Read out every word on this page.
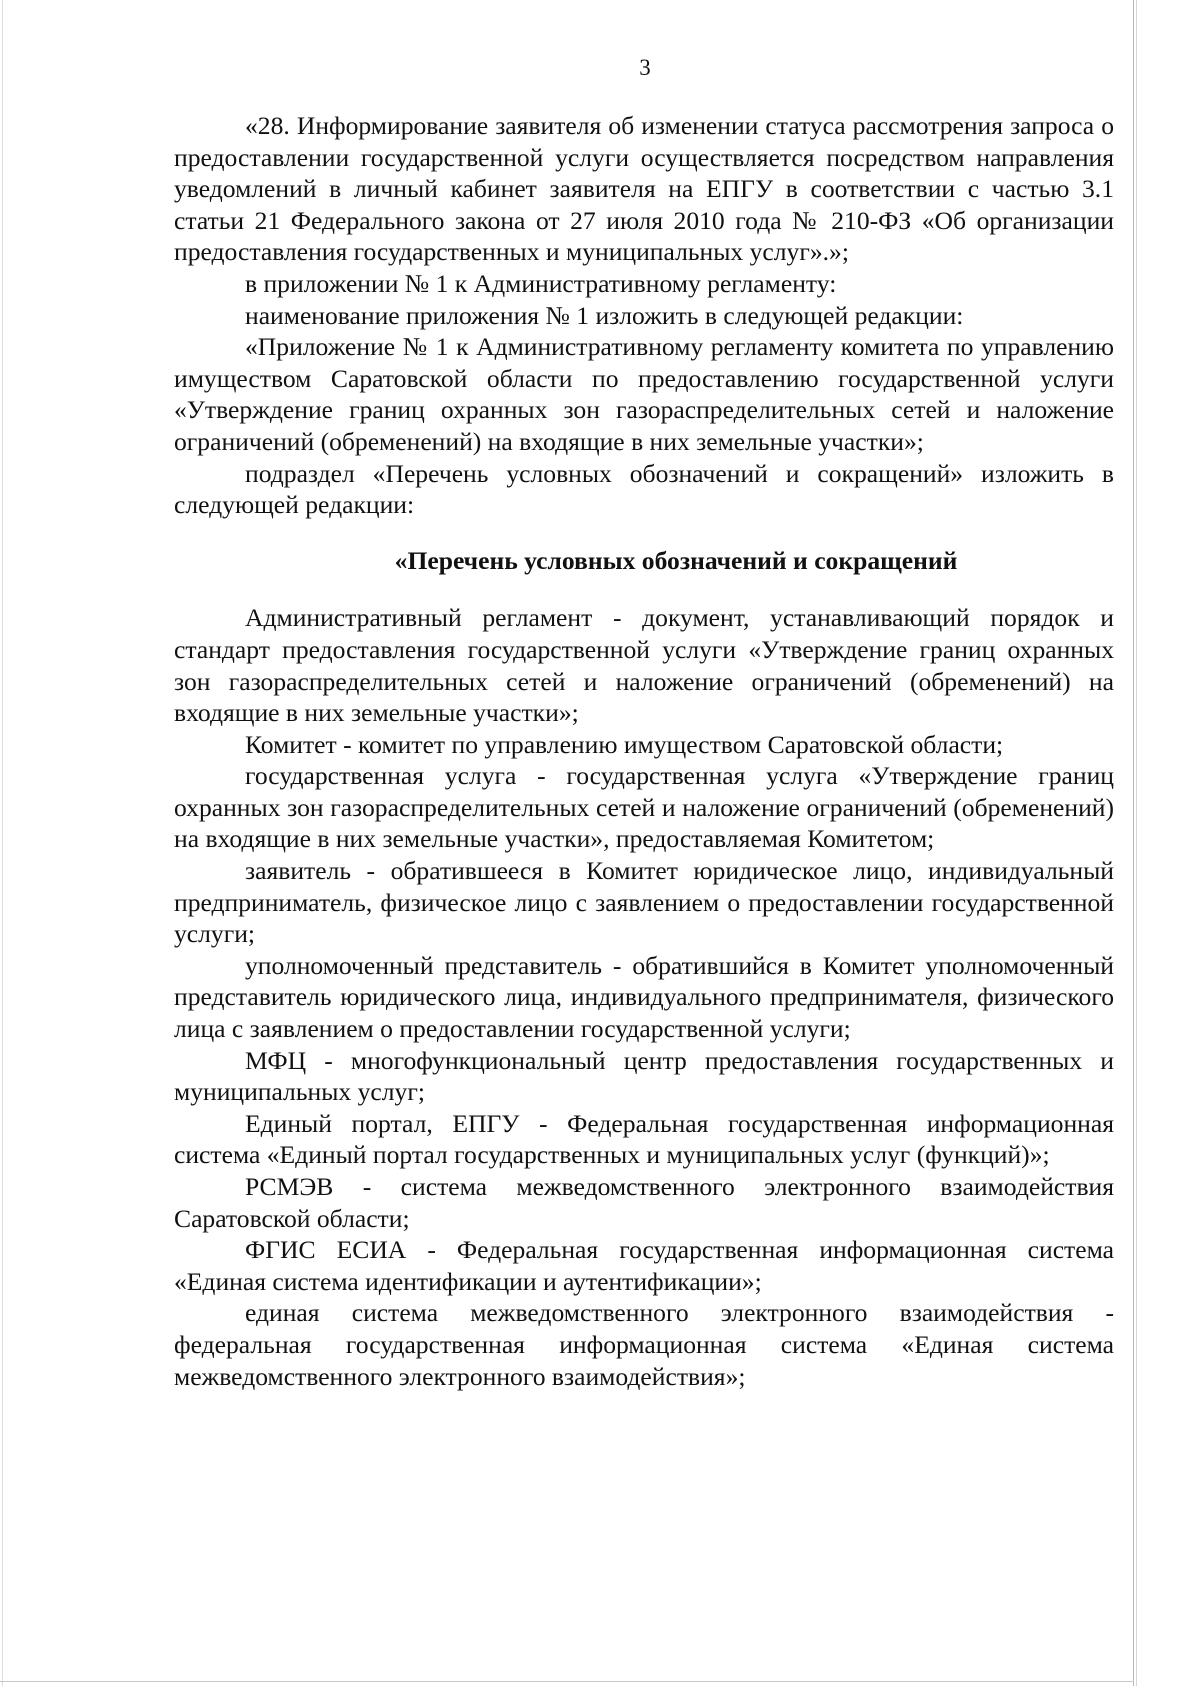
3

«28. Информирование заявителя об изменении статуса рассмотрения запроса о предоставлении государственной услуги осуществляется посредством направления уведомлений в личный кабинет заявителя на ЕПГУ в соответствии с частью 3.1 статьи 21 Федерального закона от 27 июля 2010 года № 210-ФЗ «Об организации предоставления государственных и муниципальных услуг».»;

в приложении № 1 к Административному регламенту:

наименование приложения № 1 изложить в следующей редакции:

«Приложение № 1 к Административному регламенту комитета по управлению имуществом Саратовской области по предоставлению государственной услуги «Утверждение границ охранных зон газораспределительных сетей и наложение ограничений (обременений) на входящие в них земельные участки»;

подраздел «Перечень условных обозначений и сокращений» изложить в следующей редакции:

«Перечень условных обозначений и сокращений

Административный регламент - документ, устанавливающий порядок и стандарт предоставления государственной услуги «Утверждение границ охранных зон газораспределительных сетей и наложение ограничений (обременений) на входящие в них земельные участки»;

Комитет - комитет по управлению имуществом Саратовской области;

государственная услуга - государственная услуга «Утверждение границ охранных зон газораспределительных сетей и наложение ограничений (обременений) на входящие в них земельные участки», предоставляемая Комитетом;

заявитель - обратившееся в Комитет юридическое лицо, индивидуальный предприниматель, физическое лицо с заявлением о предоставлении государственной услуги;

уполномоченный представитель - обратившийся в Комитет уполномоченный представитель юридического лица, индивидуального предпринимателя, физического лица с заявлением о предоставлении государственной услуги;

МФЦ - многофункциональный центр предоставления государственных и муниципальных услуг;

Единый портал, ЕПГУ - Федеральная государственная информационная система «Единый портал государственных и муниципальных услуг (функций)»;

РСМЭВ - система межведомственного электронного взаимодействия Саратовской области;

ФГИС ЕСИА - Федеральная государственная информационная система «Единая система идентификации и аутентификации»;

единая система межведомственного электронного взаимодействия - федеральная государственная информационная система «Единая система межведомственного электронного взаимодействия»;
